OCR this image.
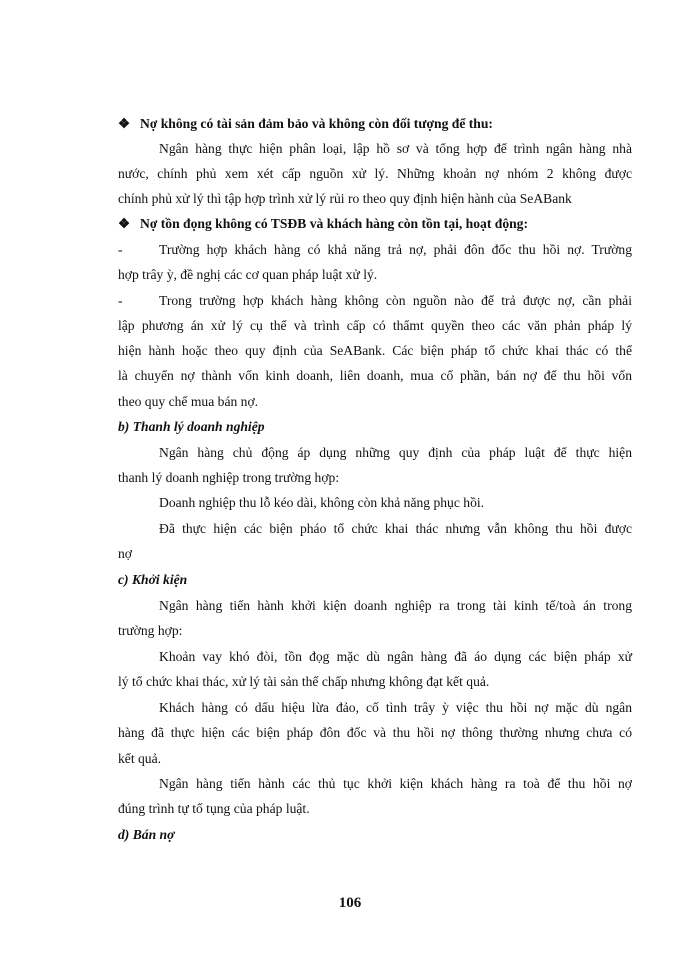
❖ Nợ không có tài sản đảm bảo và không còn đối tượng để thu:
Ngân hàng thực hiện phân loại, lập hồ sơ và tổng hợp để trình ngân hàng nhà
nước, chính phủ xem xét cấp nguồn xử lý. Những khoản nợ nhóm 2 không được
chính phủ xử lý thì tập hợp trình xử lý rủi ro theo quy định hiện hành của SeABank
❖ Nợ tồn đọng không có TSĐB và khách hàng còn tồn tại, hoạt động:
-	Trường hợp khách hàng có khả năng trả nợ, phải đôn đốc thu hồi nợ. Trường
hợp trây ỳ, đề nghị các cơ quan pháp luật xử lý.
-	Trong trường hợp khách hàng không còn nguồn nào để trả được nợ, cần phải
lập phương án xử lý cụ thể và trình cấp có thẩmt quyền theo các văn phản pháp lý
hiện hành hoặc theo quy định của SeABank. Các biện pháp tổ chức khai thác có thể
là chuyển nợ thành vốn kinh doanh, liên doanh, mua cổ phần, bán nợ để thu hồi vốn
theo quy chế mua bán nợ.
b) Thanh lý doanh nghiệp
Ngân hàng chủ động áp dụng những quy định của pháp luật để thực hiện
thanh lý doanh nghiệp trong trường hợp:
Doanh nghiệp thu lỗ kéo dài, không còn khả năng phục hồi.
Đã thực hiện các biện pháo tổ chức khai thác nhưng vẫn không thu hồi được
nợ
c) Khởi kiện
Ngân hàng tiến hành khởi kiện doanh nghiệp ra trong tài kinh tế/toà án trong
trường hợp:
Khoản vay khó đòi, tồn đọg mặc dù ngân hàng đã áo dụng các biện pháp xử
lý tổ chức khai thác, xử lý tài sản thế chấp nhưng không đạt kết quả.
Khách hàng có dấu hiệu lừa đảo, cố tình trây ỳ việc thu hồi nợ mặc dù ngân
hàng đã thực hiện các biện pháp đôn đốc và thu hồi nợ thông thường nhưng chưa có
kết quả.
Ngân hàng tiến hành các thủ tục khởi kiện khách hàng ra toà để thu hồi nợ
đúng trình tự tố tụng của pháp luật.
d) Bán nợ
106
